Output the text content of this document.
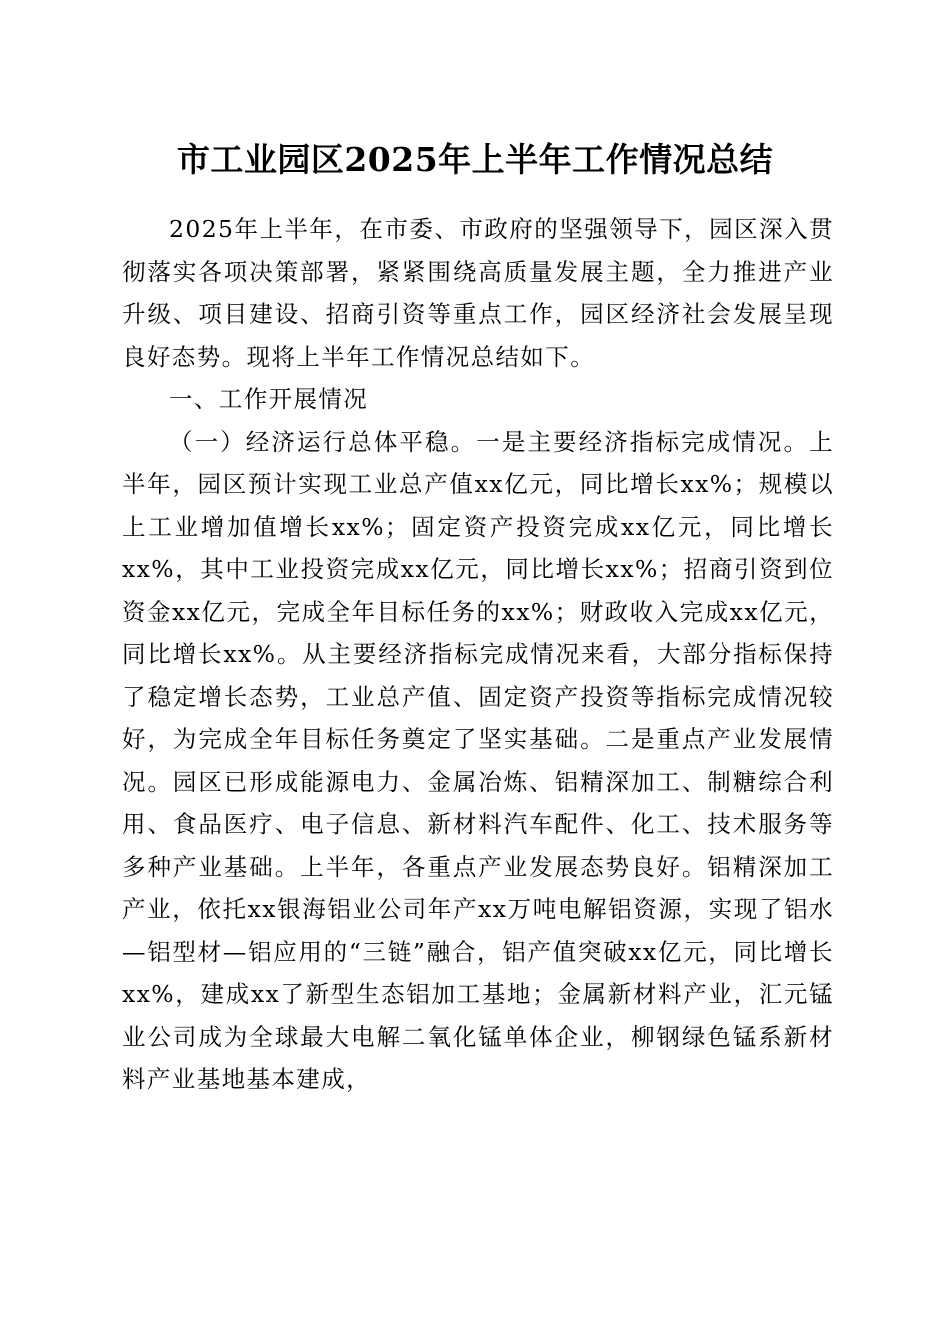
市工业园区2025年上半年工作情况总结

2025年上半年，在市委、市政府的坚强领导下，园区深入贯彻落实各项决策部署，紧紧围绕高质量发展主题，全力推进产业升级、项目建设、招商引资等重点工作，园区经济社会发展呈现良好态势。现将上半年工作情况总结如下。

一、工作开展情况

（一）经济运行总体平稳。一是主要经济指标完成情况。上半年，园区预计实现工业总产值xx亿元，同比增长xx%；规模以上工业增加值增长xx%；固定资产投资完成xx亿元，同比增长xx%，其中工业投资完成xx亿元，同比增长xx%；招商引资到位资金xx亿元，完成全年目标任务的xx%；财政收入完成xx亿元，同比增长xx%。从主要经济指标完成情况来看，大部分指标保持了稳定增长态势，工业总产值、固定资产投资等指标完成情况较好，为完成全年目标任务奠定了坚实基础。二是重点产业发展情况。园区已形成能源电力、金属冶炼、铝精深加工、制糖综合利用、食品医疗、电子信息、新材料汽车配件、化工、技术服务等多种产业基础。上半年，各重点产业发展态势良好。铝精深加工产业，依托xx银海铝业公司年产xx万吨电解铝资源，实现了铝水—铝型材—铝应用的“三链”融合，铝产值突破xx亿元，同比增长xx%，建成xx了新型生态铝加工基地；金属新材料产业，汇元锰业公司成为全球最大电解二氧化锰单体企业，柳钢绿色锰系新材料产业基地基本建成，
